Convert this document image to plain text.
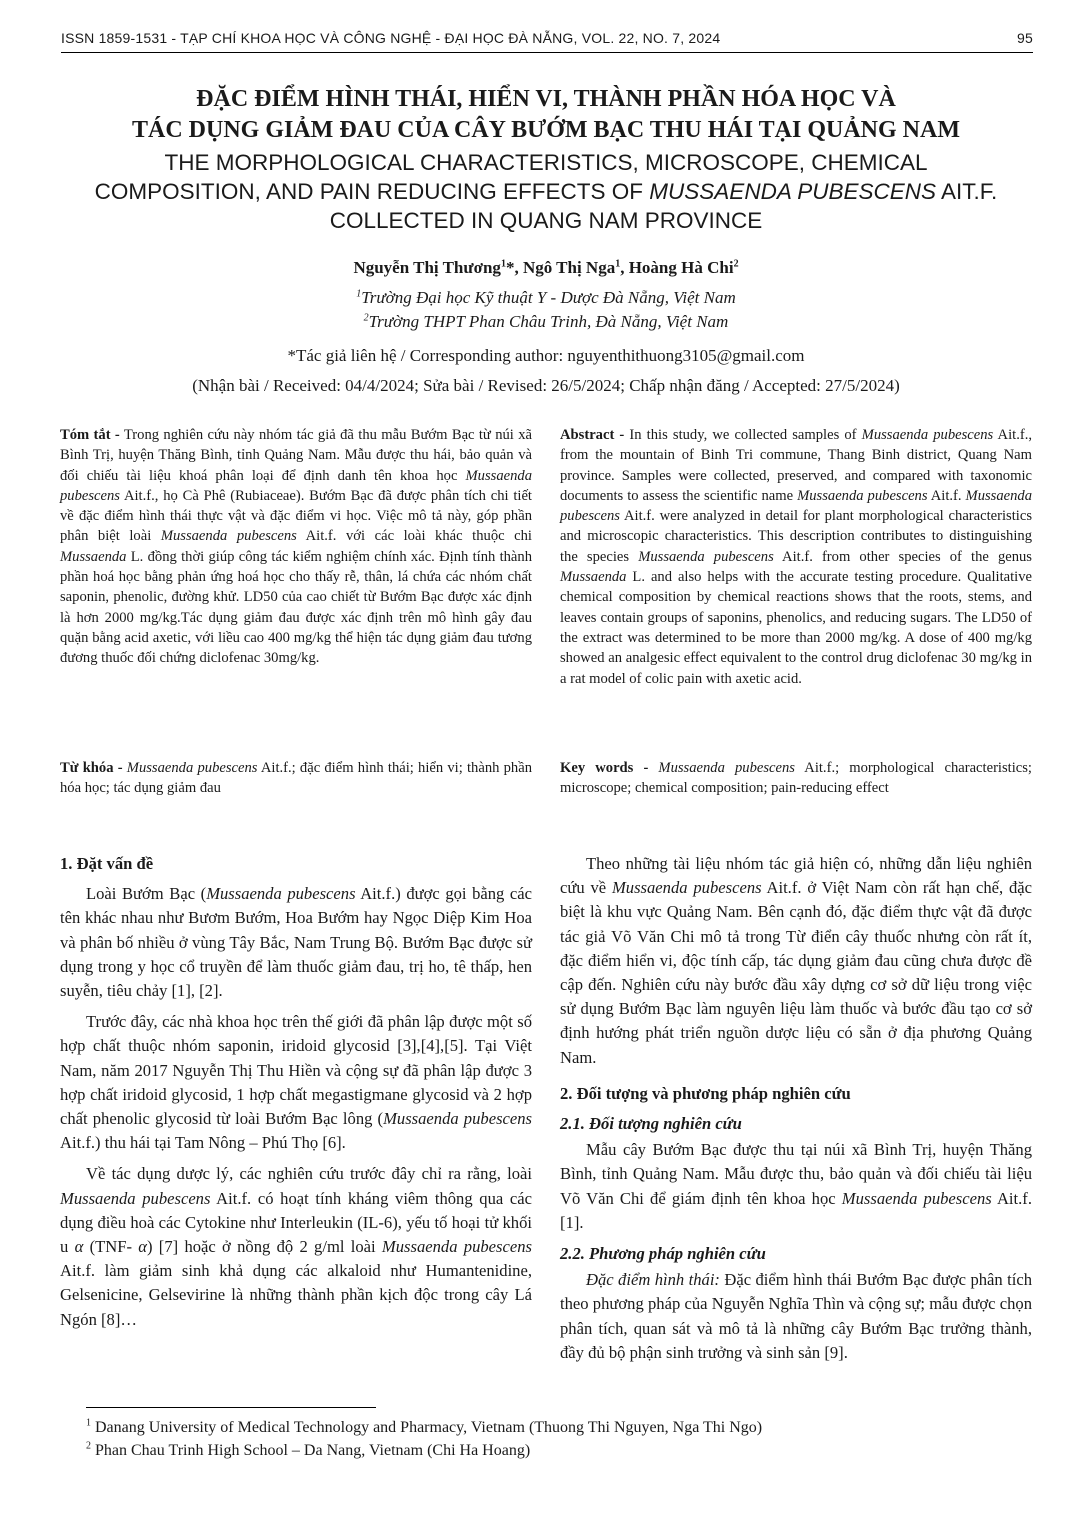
ISSN 1859-1531 - TẠP CHÍ KHOA HỌC VÀ CÔNG NGHỆ - ĐẠI HỌC ĐÀ NẴNG, VOL. 22, NO. 7, 2024	95
ĐẶC ĐIỂM HÌNH THÁI, HIỂN VI, THÀNH PHẦN HÓA HỌC VÀ
TÁC DỤNG GIẢM ĐAU CỦA CÂY BƯỚM BẠC THU HÁI TẠI QUẢNG NAM
THE MORPHOLOGICAL CHARACTERISTICS, MICROSCOPE, CHEMICAL
COMPOSITION, AND PAIN REDUCING EFFECTS OF MUSSAENDA PUBESCENS AIT.F.
COLLECTED IN QUANG NAM PROVINCE
Nguyễn Thị Thương$^1$*, Ngô Thị Nga$^1$, Hoàng Hà Chi$^2$
$^1$Trường Đại học Kỹ thuật Y - Dược Đà Nẵng, Việt Nam
$^2$Trường THPT Phan Châu Trinh, Đà Nẵng, Việt Nam
*Tác giả liên hệ / Corresponding author: nguyenthithuong3105@gmail.com
(Nhận bài / Received: 04/4/2024; Sửa bài / Revised: 26/5/2024; Chấp nhận đăng / Accepted: 27/5/2024)
Tóm tắt - Trong nghiên cứu này nhóm tác giả đã thu mẫu Bướm Bạc từ núi xã Bình Trị, huyện Thăng Bình, tỉnh Quảng Nam. Mẫu được thu hái, bảo quản và đối chiếu tài liệu khoá phân loại để định danh tên khoa học Mussaenda pubescens Ait.f., họ Cà Phê (Rubiaceae). Bướm Bạc đã được phân tích chi tiết về đặc điểm hình thái thực vật và đặc điểm vi học. Việc mô tả này, góp phần phân biệt loài Mussaenda pubescens Ait.f. với các loài khác thuộc chi Mussaenda L. đồng thời giúp công tác kiểm nghiệm chính xác. Định tính thành phần hoá học bằng phản ứng hoá học cho thấy rễ, thân, lá chứa các nhóm chất saponin, phenolic, đường khử. LD50 của cao chiết từ Bướm Bạc được xác định là hơn 2000 mg/kg.Tác dụng giảm đau được xác định trên mô hình gây đau quặn bằng acid axetic, với liều cao 400 mg/kg thể hiện tác dụng giảm đau tương đương thuốc đối chứng diclofenac 30mg/kg.
Từ khóa - Mussaenda pubescens Ait.f.; đặc điểm hình thái; hiển vi; thành phần hóa học; tác dụng giảm đau
Abstract - In this study, we collected samples of Mussaenda pubescens Ait.f., from the mountain of Binh Tri commune, Thang Binh district, Quang Nam province. Samples were collected, preserved, and compared with taxonomic documents to assess the scientific name Mussaenda pubescens Ait.f. Mussaenda pubescens Ait.f. were analyzed in detail for plant morphological characteristics and microscopic characteristics. This description contributes to distinguishing the species Mussaenda pubescens Ait.f. from other species of the genus Mussaenda L. and also helps with the accurate testing procedure. Qualitative chemical composition by chemical reactions shows that the roots, stems, and leaves contain groups of saponins, phenolics, and reducing sugars. The LD50 of the extract was determined to be more than 2000 mg/kg. A dose of 400 mg/kg showed an analgesic effect equivalent to the control drug diclofenac 30 mg/kg in a rat model of colic pain with axetic acid.
Key words - Mussaenda pubescens Ait.f.; morphological characteristics; microscope; chemical composition; pain-reducing effect
1. Đặt vấn đề

Loài Bướm Bạc (Mussaenda pubescens Ait.f.) được gọi bằng các tên khác nhau như Bươm Bướm, Hoa Bướm hay Ngọc Diệp Kim Hoa và phân bố nhiều ở vùng Tây Bắc, Nam Trung Bộ. Bướm Bạc được sử dụng trong y học cổ truyền để làm thuốc giảm đau, trị ho, tê thấp, hen suyễn, tiêu chảy [1], [2].

Trước đây, các nhà khoa học trên thế giới đã phân lập được một số hợp chất thuộc nhóm saponin, iridoid glycosid [3],[4],[5]. Tại Việt Nam, năm 2017 Nguyễn Thị Thu Hiền và cộng sự đã phân lập được 3 hợp chất iridoid glycosid, 1 hợp chất megastigmane glycosid và 2 hợp chất phenolic glycosid từ loài Bướm Bạc lông (Mussaenda pubescens Ait.f.) thu hái tại Tam Nông – Phú Thọ [6].

Về tác dụng dược lý, các nghiên cứu trước đây chỉ ra rằng, loài Mussaenda pubescens Ait.f. có hoạt tính kháng viêm thông qua các dụng điều hoà các Cytokine như Interleukin (IL-6), yếu tố hoại tử khối u α (TNF- α) [7] hoặc ở nồng độ 2 g/ml loài Mussaenda pubescens Ait.f. làm giảm sinh khả dụng các alkaloid như Humantenidine, Gelsenicine, Gelsevirine là những thành phần kịch độc trong cây Lá Ngón [8]…

Theo những tài liệu nhóm tác giả hiện có, những dẫn liệu nghiên cứu về Mussaenda pubescens Ait.f. ở Việt Nam còn rất hạn chế, đặc biệt là khu vực Quảng Nam. Bên cạnh đó, đặc điểm thực vật đã được tác giả Võ Văn Chi mô tả trong Từ điển cây thuốc nhưng còn rất ít, đặc điểm hiển vi, độc tính cấp, tác dụng giảm đau cũng chưa được đề cập đến. Nghiên cứu này bước đầu xây dựng cơ sở dữ liệu trong việc sử dụng Bướm Bạc làm nguyên liệu làm thuốc và bước đầu tạo cơ sở định hướng phát triển nguồn dược liệu có sẵn ở địa phương Quảng Nam.

2. Đối tượng và phương pháp nghiên cứu
2.1. Đối tượng nghiên cứu

Mẫu cây Bướm Bạc được thu tại núi xã Bình Trị, huyện Thăng Bình, tỉnh Quảng Nam. Mẫu được thu, bảo quản và đối chiếu tài liệu Võ Văn Chi để giám định tên khoa học Mussaenda pubescens Ait.f. [1].

2.2. Phương pháp nghiên cứu

Đặc điểm hình thái: Đặc điểm hình thái Bướm Bạc được phân tích theo phương pháp của Nguyễn Nghĩa Thìn và cộng sự; mẫu được chọn phân tích, quan sát và mô tả là những cây Bướm Bạc trưởng thành, đầy đủ bộ phận sinh trưởng và sinh sản [9].

$^1$ Danang University of Medical Technology and Pharmacy, Vietnam (Thuong Thi Nguyen, Nga Thi Ngo)
$^2$ Phan Chau Trinh High School – Da Nang, Vietnam (Chi Ha Hoang)
